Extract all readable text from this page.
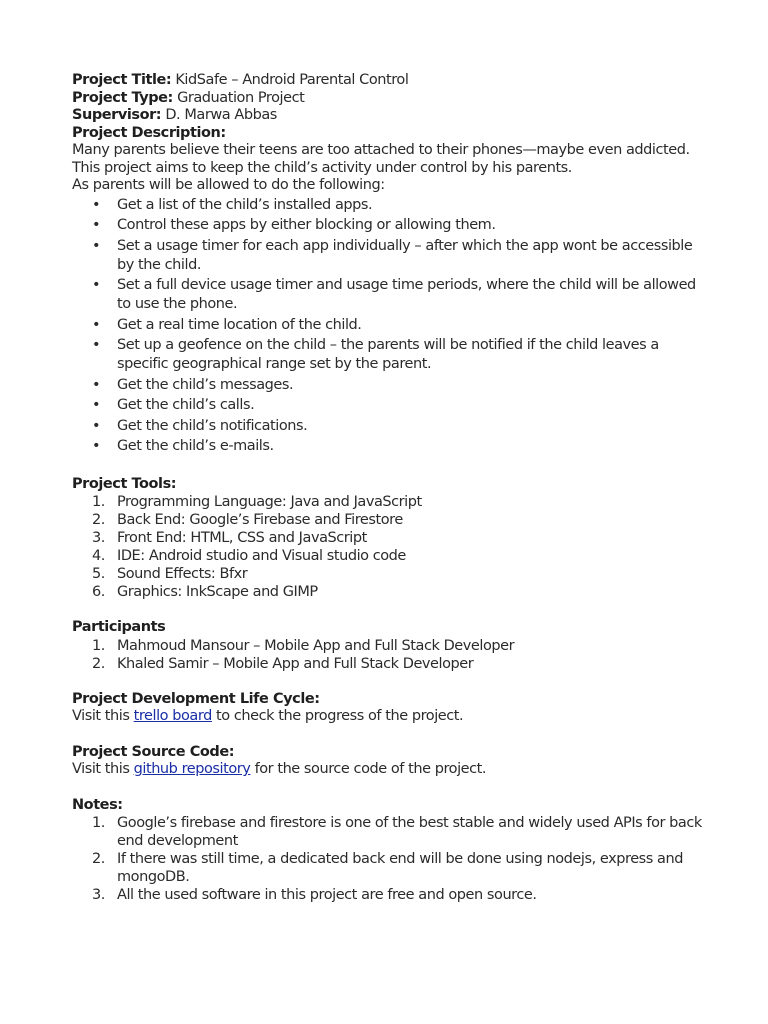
Project Title: KidSafe – Android Parental Control

Project Type: Graduation Project

Supervisor: D. Marwa Abbas

Project Description:

Many parents believe their teens are too attached to their phones—maybe even addicted.

This project aims to keep the child’s activity under control by his parents.

As parents will be allowed to do the following:

• Get a list of the child’s installed apps.
• Control these apps by either blocking or allowing them.
• Set a usage timer for each app individually – after which the app wont be accessible by the child.
• Set a full device usage timer and usage time periods, where the child will be allowed to use the phone.
• Get a real time location of the child.
• Set up a geofence on the child – the parents will be notified if the child leaves a specific geographical range set by the parent.
• Get the child’s messages.
• Get the child’s calls.
• Get the child’s notifications.
• Get the child’s e-mails.

Project Tools:

1. Programming Language: Java and JavaScript
2. Back End: Google’s Firebase and Firestore
3. Front End: HTML, CSS and JavaScript
4. IDE: Android studio and Visual studio code
5. Sound Effects: Bfxr
6. Graphics: InkScape and GIMP

Participants

1. Mahmoud Mansour – Mobile App and Full Stack Developer
2. Khaled Samir – Mobile App and Full Stack Developer

Project Development Life Cycle:

Visit this trello board to check the progress of the project.

Project Source Code:

Visit this github repository for the source code of the project.

Notes:

1. Google’s firebase and firestore is one of the best stable and widely used APIs for back end development
2. If there was still time, a dedicated back end will be done using nodejs, express and mongoDB.
3. All the used software in this project are free and open source.
